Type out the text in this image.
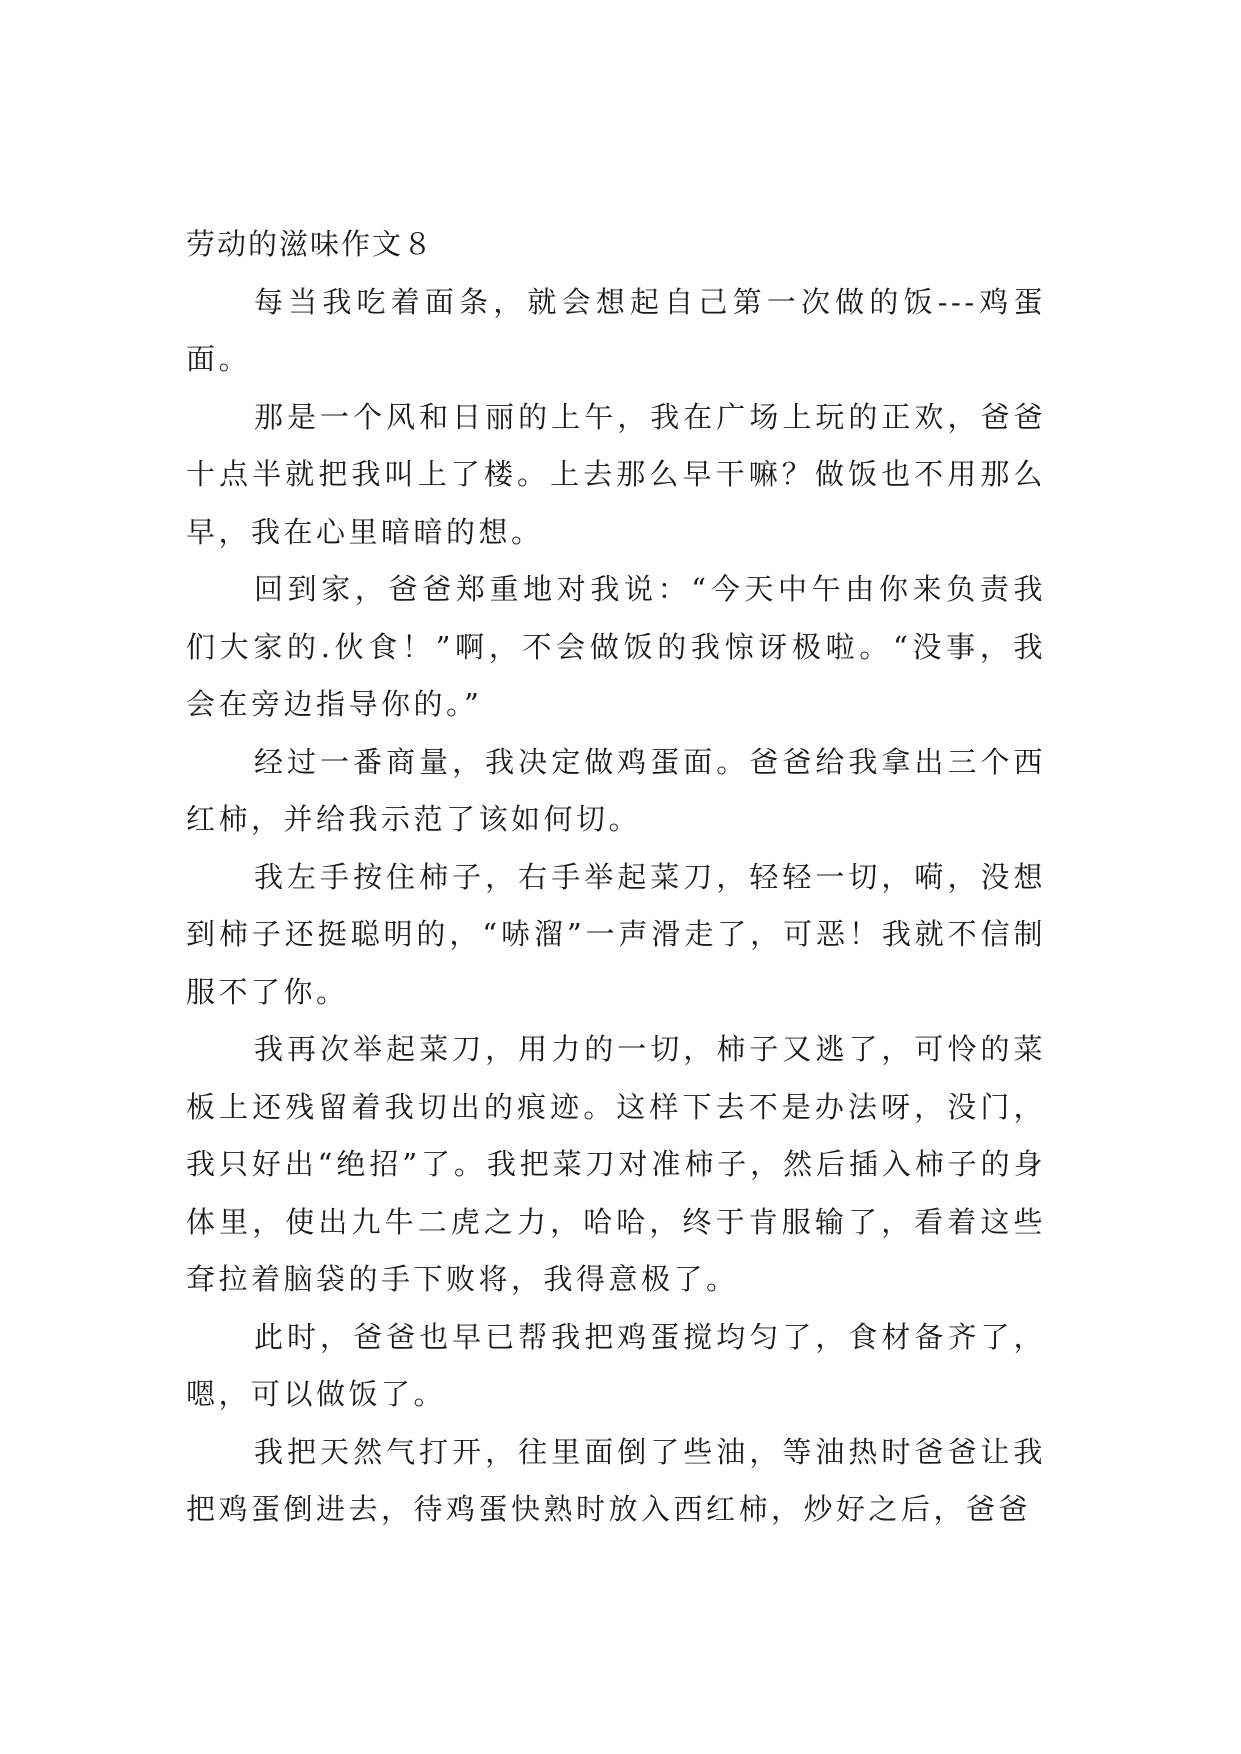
劳动的滋味作文８

每当我吃着面条，就会想起自己第一次做的饭---鸡蛋面。

那是一个风和日丽的上午，我在广场上玩的正欢，爸爸十点半就把我叫上了楼。上去那么早干嘛？做饭也不用那么早，我在心里暗暗的想。

回到家，爸爸郑重地对我说：“今天中午由你来负责我们大家的.伙食！”啊，不会做饭的我惊讶极啦。“没事，我会在旁边指导你的。”

经过一番商量，我决定做鸡蛋面。爸爸给我拿出三个西红柿，并给我示范了该如何切。

我左手按住柿子，右手举起菜刀，轻轻一切，嗬，没想到柿子还挺聪明的，“哧溜”一声滑走了，可恶！我就不信制服不了你。

我再次举起菜刀，用力的一切，柿子又逃了，可怜的菜板上还残留着我切出的痕迹。这样下去不是办法呀，没门，我只好出“绝招”了。我把菜刀对准柿子，然后插入柿子的身体里，使出九牛二虎之力，哈哈，终于肯服输了，看着这些耷拉着脑袋的手下败将，我得意极了。

此时，爸爸也早已帮我把鸡蛋搅均匀了，食材备齐了，嗯，可以做饭了。

我把天然气打开，往里面倒了些油，等油热时爸爸让我把鸡蛋倒进去，待鸡蛋快熟时放入西红柿，炒好之后，爸爸
